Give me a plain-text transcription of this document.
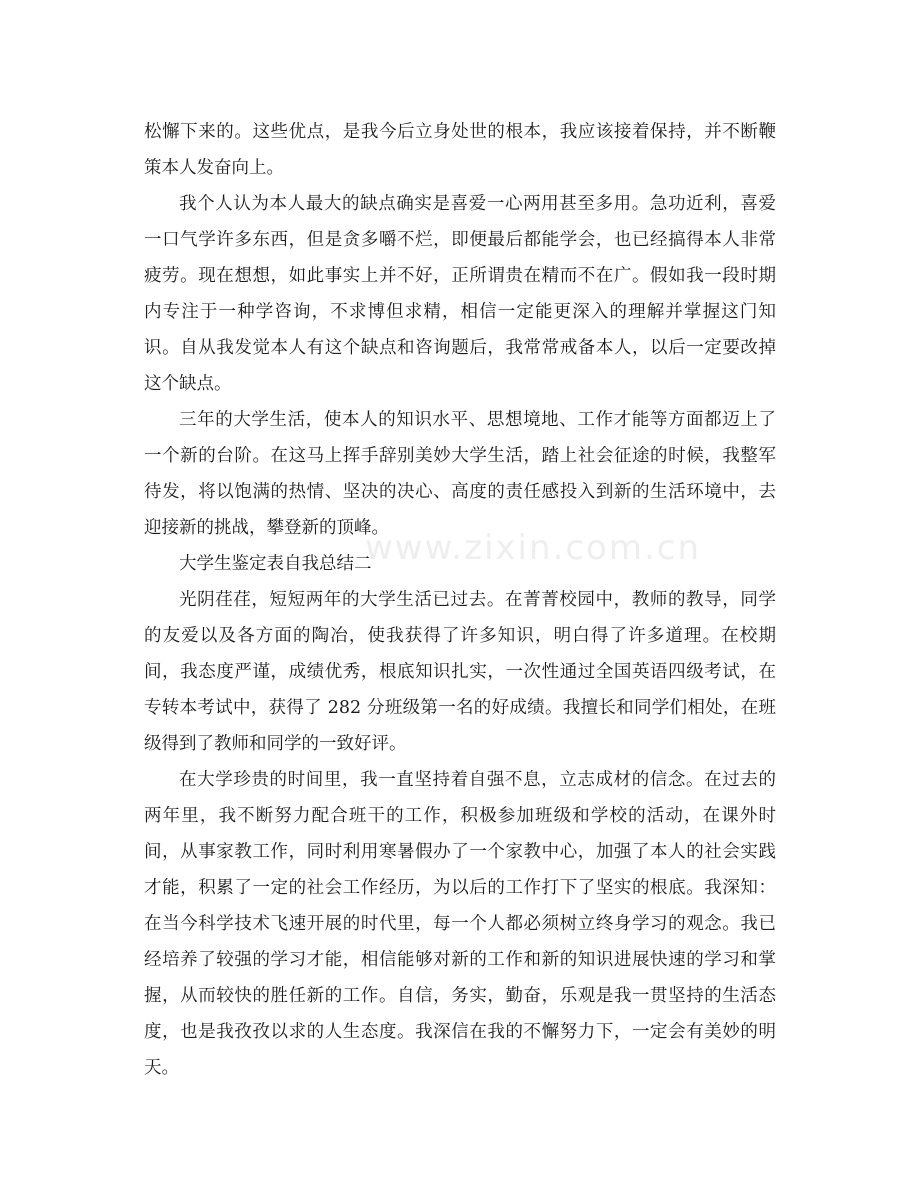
www.zixin.com.cn
松懈下来的。这些优点，是我今后立身处世的根本，我应该接着保持，并不断鞭
策本人发奋向上。
我个人认为本人最大的缺点确实是喜爱一心两用甚至多用。急功近利，喜爱
一口气学许多东西，但是贪多嚼不烂，即便最后都能学会，也已经搞得本人非常
疲劳。现在想想，如此事实上并不好，正所谓贵在精而不在广。假如我一段时期
内专注于一种学咨询，不求博但求精，相信一定能更深入的理解并掌握这门知
识。自从我发觉本人有这个缺点和咨询题后，我常常戒备本人，以后一定要改掉
这个缺点。
三年的大学生活，使本人的知识水平、思想境地、工作才能等方面都迈上了
一个新的台阶。在这马上挥手辞别美妙大学生活，踏上社会征途的时候，我整军
待发，将以饱满的热情、坚决的决心、高度的责任感投入到新的生活环境中，去
迎接新的挑战，攀登新的顶峰。
大学生鉴定表自我总结二
光阴荏荏，短短两年的大学生活已过去。在菁菁校园中，教师的教导，同学
的友爱以及各方面的陶冶，使我获得了许多知识，明白得了许多道理。在校期
间，我态度严谨，成绩优秀，根底知识扎实，一次性通过全国英语四级考试，在
专转本考试中，获得了 282 分班级第一名的好成绩。我擅长和同学们相处，在班
级得到了教师和同学的一致好评。
在大学珍贵的时间里，我一直坚持着自强不息，立志成材的信念。在过去的
两年里，我不断努力配合班干的工作，积极参加班级和学校的活动，在课外时
间，从事家教工作，同时利用寒暑假办了一个家教中心，加强了本人的社会实践
才能，积累了一定的社会工作经历，为以后的工作打下了坚实的根底。我深知：
在当今科学技术飞速开展的时代里，每一个人都必须树立终身学习的观念。我已
经培养了较强的学习才能，相信能够对新的工作和新的知识进展快速的学习和掌
握，从而较快的胜任新的工作。自信，务实，勤奋，乐观是我一贯坚持的生活态
度，也是我孜孜以求的人生态度。我深信在我的不懈努力下，一定会有美妙的明
天。
